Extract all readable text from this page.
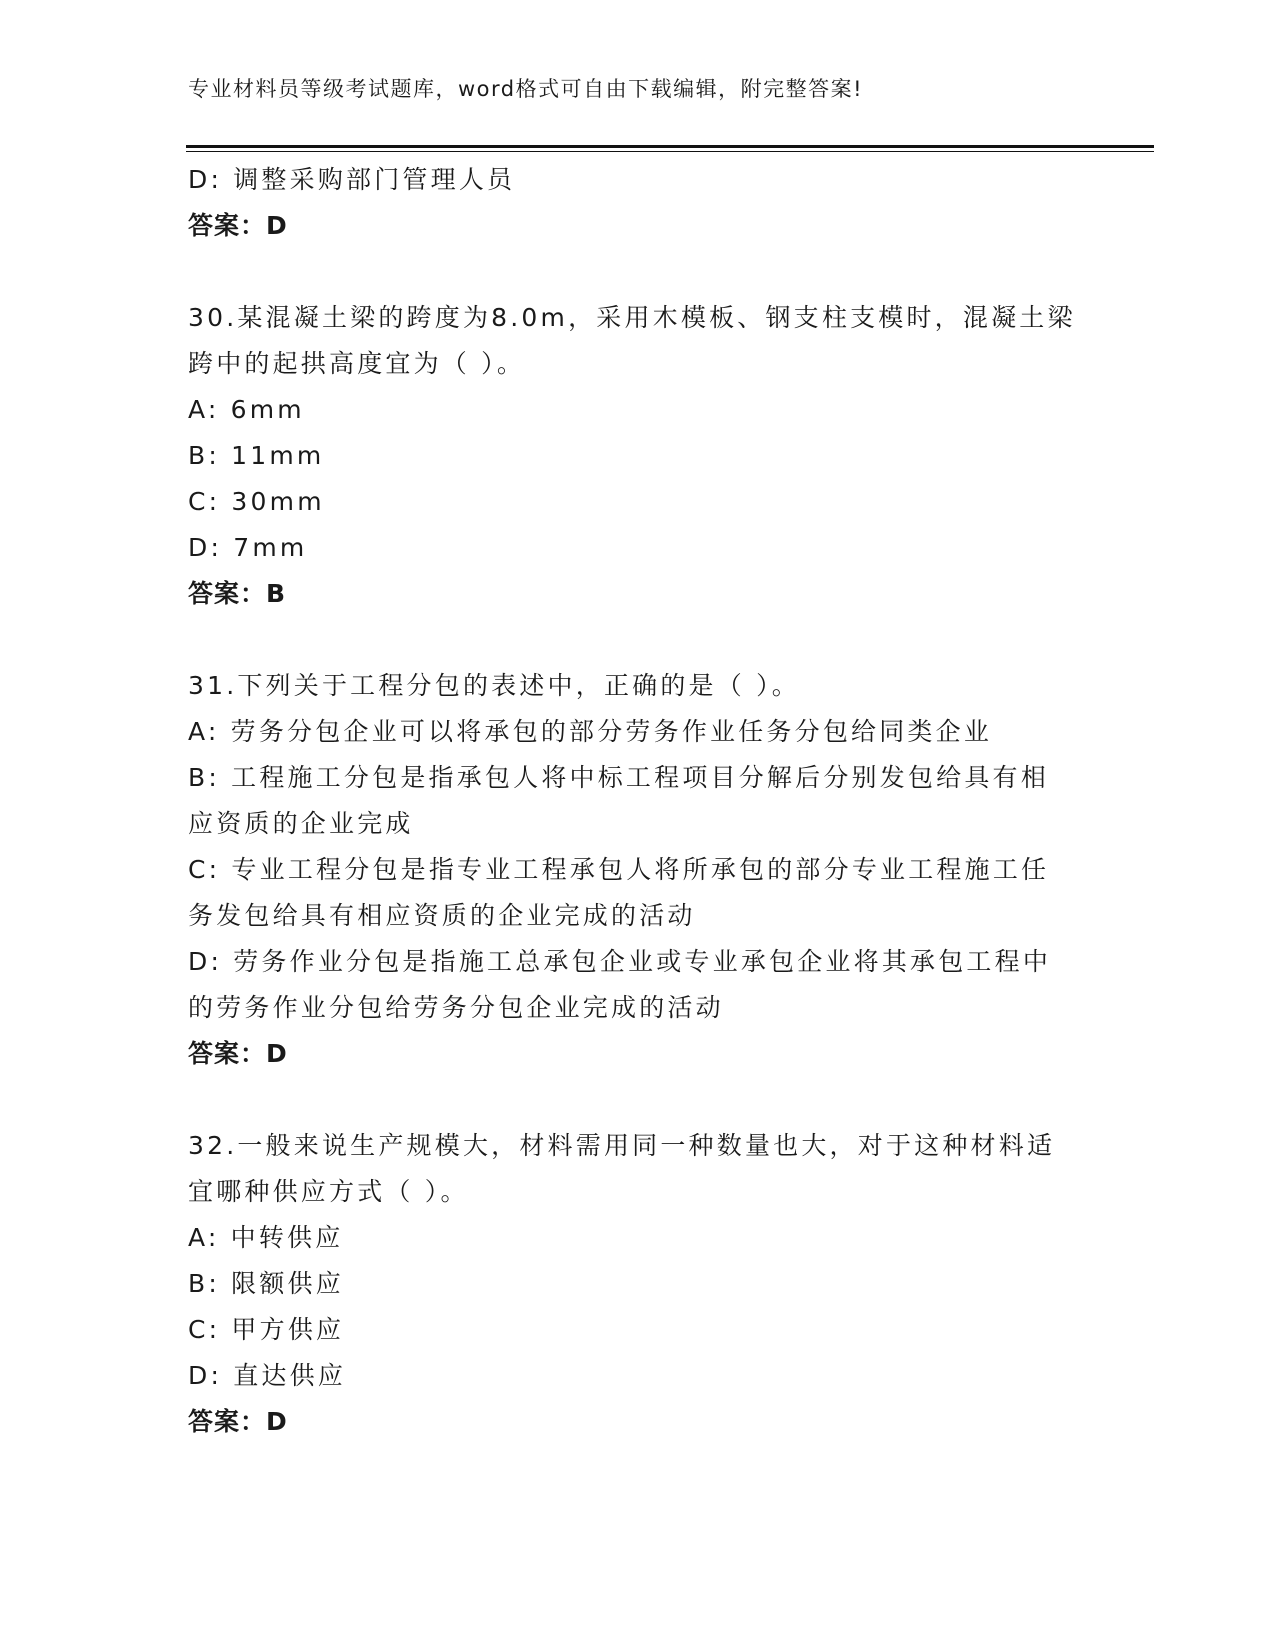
专业材料员等级考试题库，word格式可自由下载编辑，附完整答案!
D: 调整采购部门管理人员
答案：D
30.某混凝土梁的跨度为8.0m，采用木模板、钢支柱支模时，混凝土梁
跨中的起拱高度宜为（ ）。
A: 6mm
B: 11mm
C: 30mm
D: 7mm
答案：B
31.下列关于工程分包的表述中，正确的是（ ）。
A: 劳务分包企业可以将承包的部分劳务作业任务分包给同类企业
B: 工程施工分包是指承包人将中标工程项目分解后分别发包给具有相
应资质的企业完成
C: 专业工程分包是指专业工程承包人将所承包的部分专业工程施工任
务发包给具有相应资质的企业完成的活动
D: 劳务作业分包是指施工总承包企业或专业承包企业将其承包工程中
的劳务作业分包给劳务分包企业完成的活动
答案：D
32.一般来说生产规模大，材料需用同一种数量也大，对于这种材料适
宜哪种供应方式（ ）。
A: 中转供应
B: 限额供应
C: 甲方供应
D: 直达供应
答案：D
